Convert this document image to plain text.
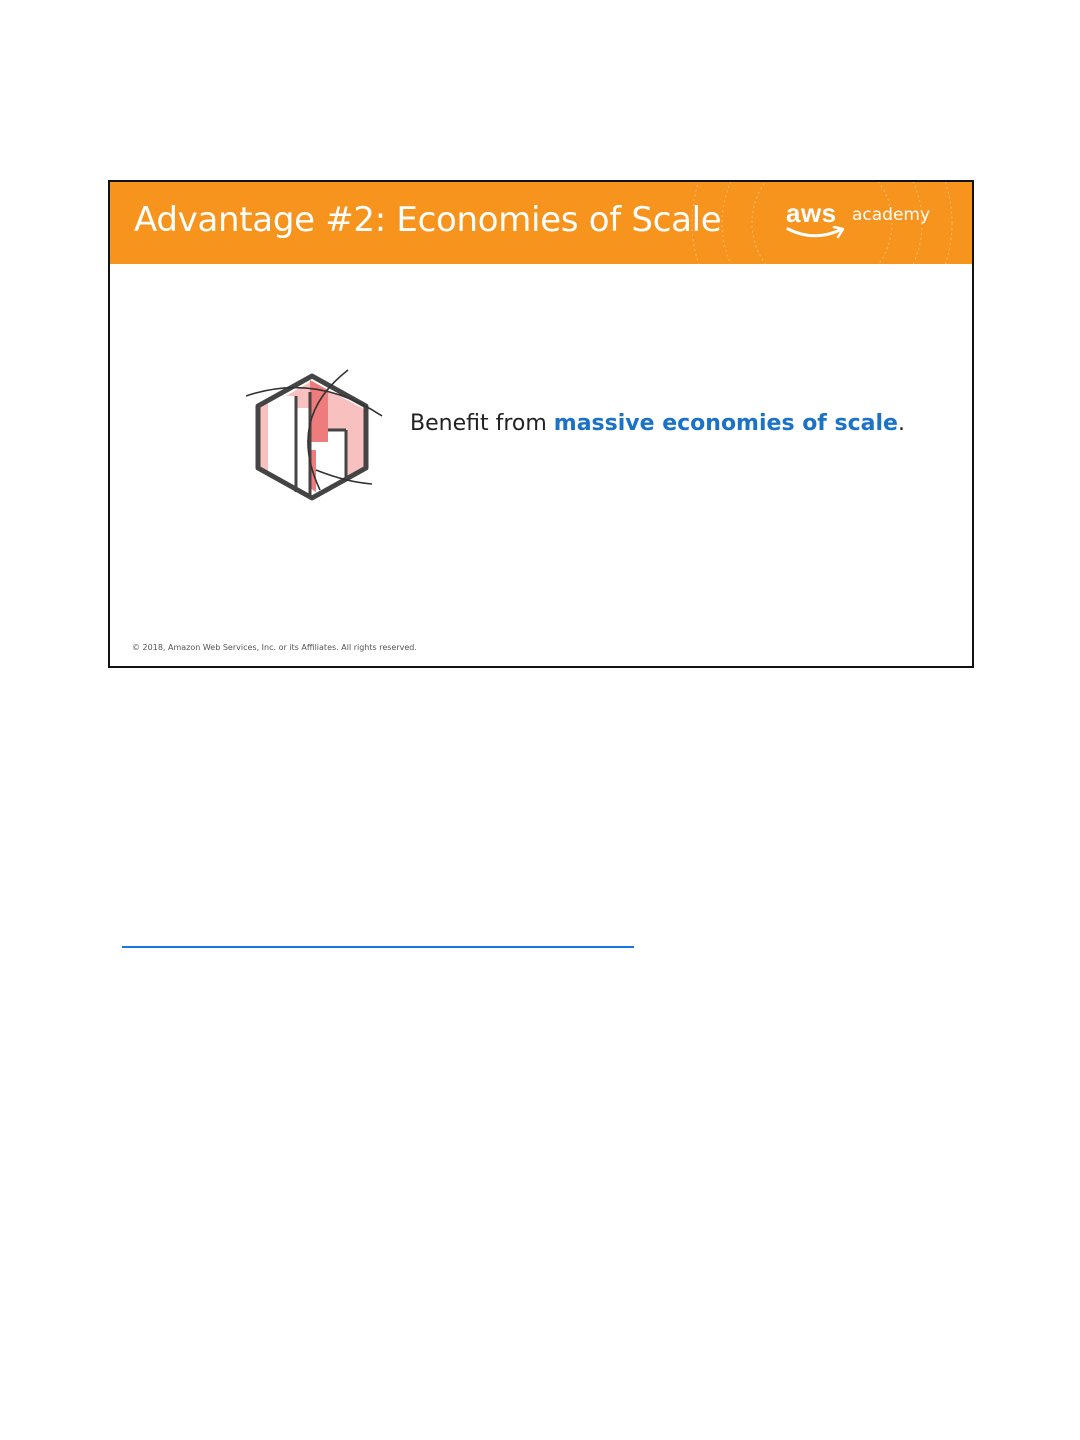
Advantage #2: Economies of Scale aws academy
Benefit from massive economies of scale.
© 2018, Amazon Web Services, Inc. or its Affiliates. All rights reserved.
